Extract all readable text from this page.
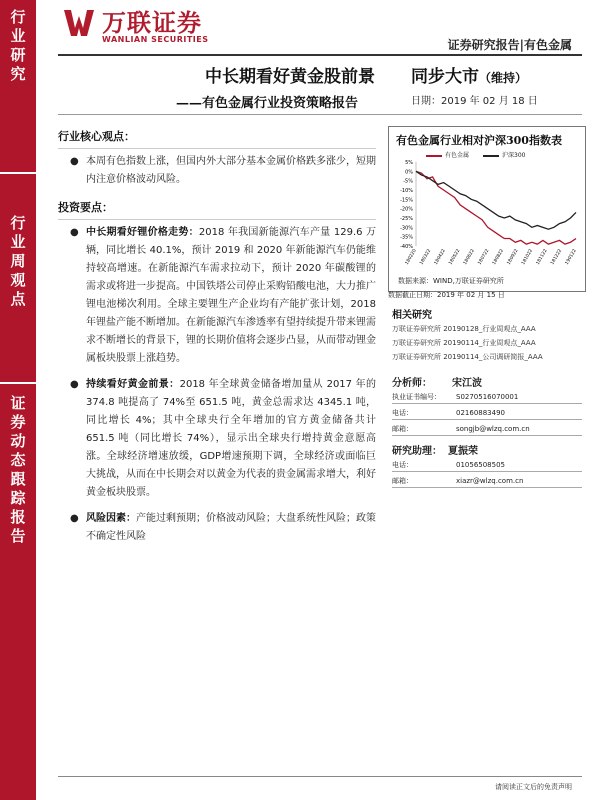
万联证券
WANLIAN SECURITIES	证券研究报告|有色金属
行
业
研
究
行
业
周
观
点
证
券
动
态
跟
踪
报
告
中长期看好黄金股前景
——有色金属行业投资策略报告
同步大市（维持）
日期：2019 年 02 月 18 日
行业核心观点：
● 本周有色指数上涨，但国内外大部分基本金属价格跌多涨少，短期内注意价格波动风险。
投资要点：
● 中长期看好锂价格走势：2018 年我国新能源汽车产量 129.6 万辆，同比增长 40.1%，预计 2019 和 2020 年新能源汽车仍能维持较高增速。在新能源汽车需求拉动下，预计 2020 年碳酸锂的需求或将进一步提高。中国铁塔公司停止采购铅酸电池，大力推广锂电池梯次利用。全球主要锂生产企业均有产能扩张计划，2018 年锂盐产能不断增加。在新能源汽车渗透率有望持续提升带来锂需求不断增长的背景下，锂的长期价值将会逐步凸显，从而带动锂金属板块股票上涨趋势。
● 持续看好黄金前景：2018 年全球黄金储备增加量从 2017 年的 374.8 吨提高了 74%至 651.5 吨，黄金总需求达 4345.1 吨，同比增长 4%；其中全球央行全年增加的官方黄金储备共计 651.5 吨（同比增长 74%），显示出全球央行增持黄金意愿高涨。全球经济增速放缓，GDP增速预期下调，全球经济或面临巨大挑战，从而在中长期会对以黄金为代表的贵金属需求增大，利好黄金板块股票。
● 风险因素：产能过剩预期；价格波动风险；大盘系统性风险；政策不确定性风险
有色金属行业相对沪深300指数表
有色金属	沪深300
5%
0%
-5%
-10%
-15%
-20%
-25%
-30%
-35%
-40%
180220 180322 180422 180522 180622 180722 180822 180922 181022 181122 181222 190122
数据来源：WIND,万联证券研究所
数据截止日期：2019 年 02 月 15 日
相关研究
万联证券研究所 20190128_行业周观点_AAA
万联证券研究所 20190114_行业周观点_AAA
万联证券研究所 20190114_公司调研简报_AAA
分析师： 宋江波
执业证书编号： S0270516070001
电话：	02160883490
邮箱：	songjb@wlzq.com.cn
研究助理： 夏振荣
电话：	01056508505
邮箱：	xiazr@wlzq.com.cn
请阅读正文后的免责声明
